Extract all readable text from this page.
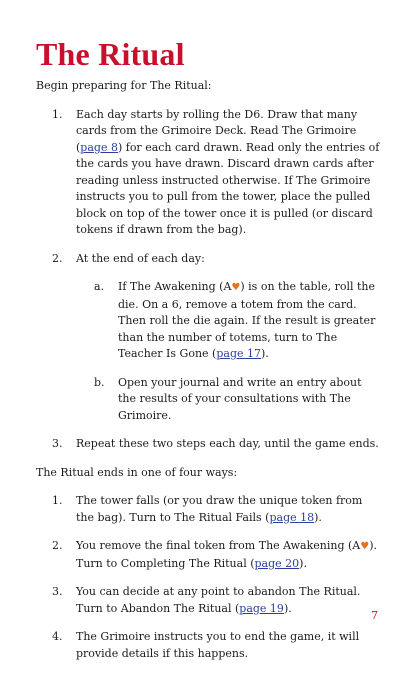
The Ritual

Begin preparing for The Ritual:

1. Each day starts by rolling the D6. Draw that many cards from the Grimoire Deck. Read The Grimoire (page 8) for each card drawn. Read only the entries of the cards you have drawn. Discard drawn cards after reading unless instructed otherwise. If The Grimoire instructs you to pull from the tower, place the pulled block on top of the tower once it is pulled (or discard tokens if drawn from the bag).
2. At the end of each day:
a. If The Awakening (A♥) is on the table, roll the die. On a 6, remove a totem from the card. Then roll the die again. If the result is greater than the number of totems, turn to The Teacher Is Gone (page 17).
b. Open your journal and write an entry about the results of your consultations with The Grimoire.
3. Repeat these two steps each day, until the game ends.

The Ritual ends in one of four ways:

1. The tower falls (or you draw the unique token from the bag). Turn to The Ritual Fails (page 18).
2. You remove the final token from The Awakening (A♥). Turn to Completing The Ritual (page 20).
3. You can decide at any point to abandon The Ritual. Turn to Abandon The Ritual (page 19).
4. The Grimoire instructs you to end the game, it will provide details if this happens.
7
